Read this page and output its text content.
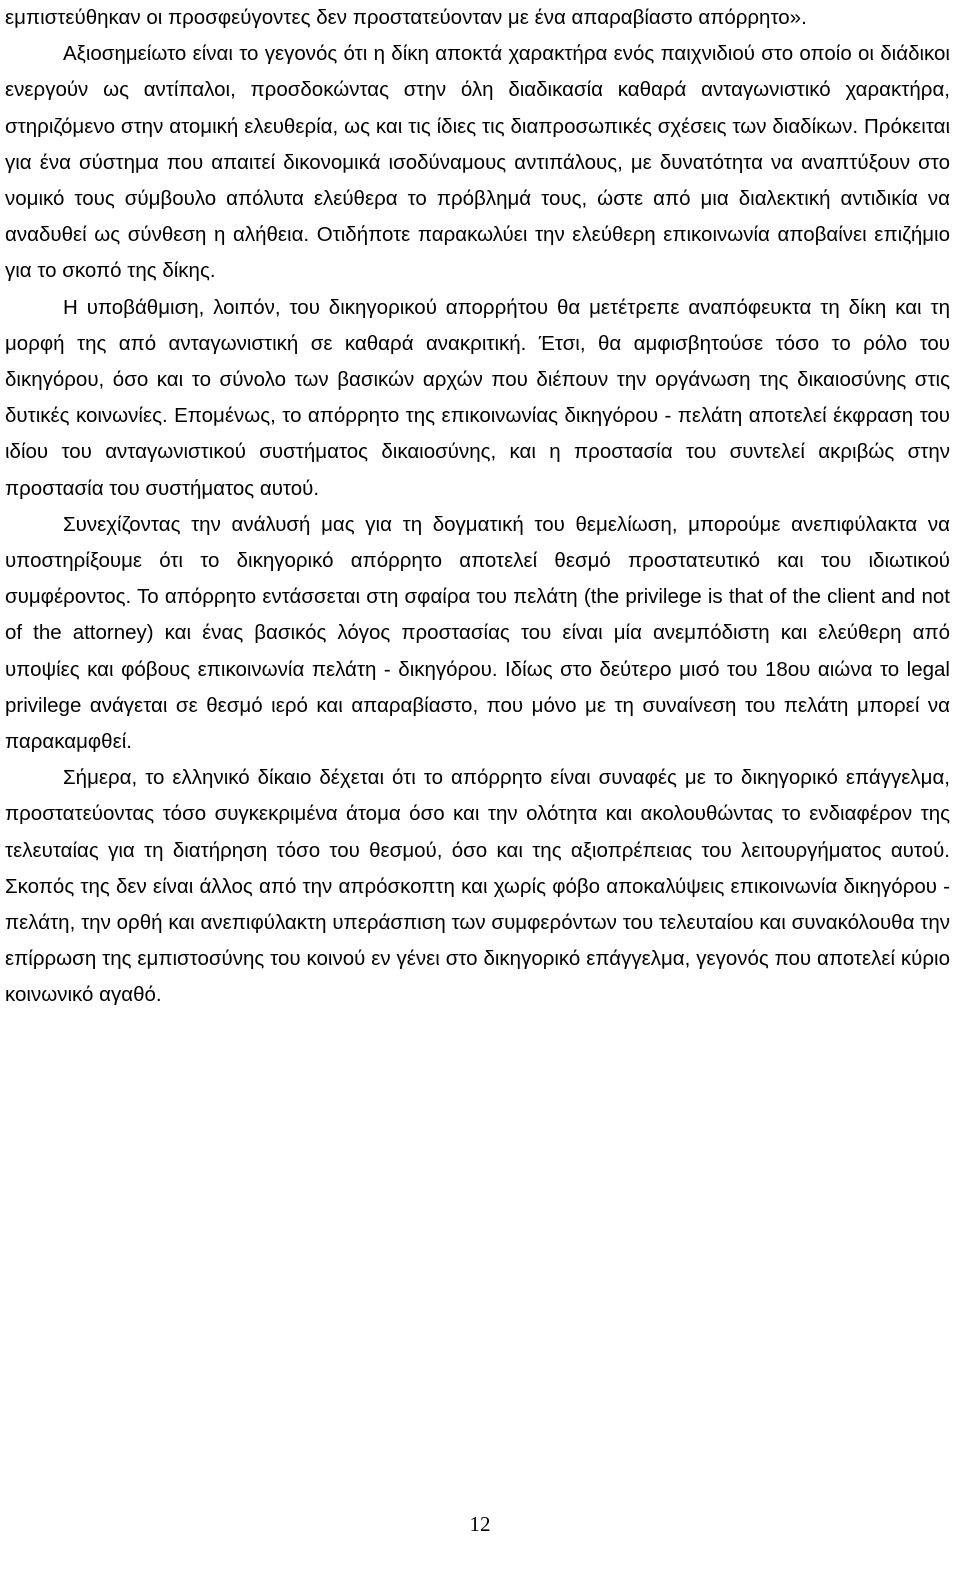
εμπιστεύθηκαν οι προσφεύγοντες δεν προστατεύονταν με ένα απαραβίαστο απόρρητο».

Αξιοσημείωτο είναι το γεγονός ότι η δίκη αποκτά χαρακτήρα ενός παιχνιδιού στο οποίο οι διάδικοι ενεργούν ως αντίπαλοι, προσδοκώντας στην όλη διαδικασία καθαρά ανταγωνιστικό χαρακτήρα, στηριζόμενο στην ατομική ελευθερία, ως και τις ίδιες τις διαπροσωπικές σχέσεις των διαδίκων. Πρόκειται για ένα σύστημα που απαιτεί δικονομικά ισοδύναμους αντιπάλους, με δυνατότητα να αναπτύξουν στο νομικό τους σύμβουλο απόλυτα ελεύθερα το πρόβλημά τους, ώστε από μια διαλεκτική αντιδικία να αναδυθεί ως σύνθεση η αλήθεια. Οτιδήποτε παρακωλύει την ελεύθερη επικοινωνία αποβαίνει επιζήμιο για το σκοπό της δίκης.

Η υποβάθμιση, λοιπόν, του δικηγορικού απορρήτου θα μετέτρεπε αναπόφευκτα τη δίκη και τη μορφή της από ανταγωνιστική σε καθαρά ανακριτική. Έτσι, θα αμφισβητούσε τόσο το ρόλο του δικηγόρου, όσο και το σύνολο των βασικών αρχών που διέπουν την οργάνωση της δικαιοσύνης στις δυτικές κοινωνίες. Επομένως, το απόρρητο της επικοινωνίας δικηγόρου - πελάτη αποτελεί έκφραση του ιδίου του ανταγωνιστικού συστήματος δικαιοσύνης, και η προστασία του συντελεί ακριβώς στην προστασία του συστήματος αυτού.

Συνεχίζοντας την ανάλυσή μας για τη δογματική του θεμελίωση, μπορούμε ανεπιφύλακτα να υποστηρίξουμε ότι το δικηγορικό απόρρητο αποτελεί θεσμό προστατευτικό και του ιδιωτικού συμφέροντος. Το απόρρητο εντάσσεται στη σφαίρα του πελάτη (the privilege is that of the client and not of the attorney) και ένας βασικός λόγος προστασίας του είναι μία ανεμπόδιστη και ελεύθερη από υποψίες και φόβους επικοινωνία πελάτη - δικηγόρου. Ιδίως στο δεύτερο μισό του 18ου αιώνα το legal privilege ανάγεται σε θεσμό ιερό και απαραβίαστο, που μόνο με τη συναίνεση του πελάτη μπορεί να παρακαμφθεί.

Σήμερα, το ελληνικό δίκαιο δέχεται ότι το απόρρητο είναι συναφές με το δικηγορικό επάγγελμα, προστατεύοντας τόσο συγκεκριμένα άτομα όσο και την ολότητα και ακολουθώντας το ενδιαφέρον της τελευταίας για τη διατήρηση τόσο του θεσμού, όσο και της αξιοπρέπειας του λειτουργήματος αυτού. Σκοπός της δεν είναι άλλος από την απρόσκοπτη και χωρίς φόβο αποκαλύψεις επικοινωνία δικηγόρου - πελάτη, την ορθή και ανεπιφύλακτη υπεράσπιση των συμφερόντων του τελευταίου και συνακόλουθα την επίρρωση της εμπιστοσύνης του κοινού εν γένει στο δικηγορικό επάγγελμα, γεγονός που αποτελεί κύριο κοινωνικό αγαθό.

12
